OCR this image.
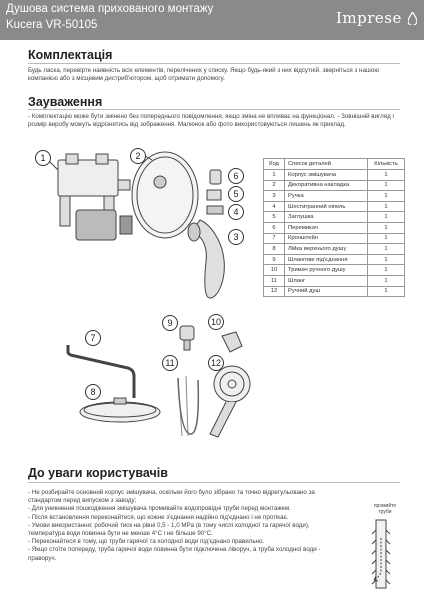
Душова система прихованого монтажу
Kucera VR-50105	Imprese
Комплектація

Будь ласка, перевірте наявність всіх елементів, перелічених у списку. Якщо будь-який з них відсутній, зверніться з нашою компанією або з місцевим дистриб'ютором, щоб отримати допомогу.

Зауваження

- Комплектацію може бути змінено без попереднього повідомлення, якщо зміна не впливає на функціонал. - Зовнішній вигляд і розмір виробу можуть відрізнятись від зображення. Малюнок або фото використовуються лишень як приклад.

1	2
3
4
5
6
7
8
9	10
11	12
Код	Список деталей	Кількість
1	Корпус змішувача	1
2	Декоративна накладка	1
3	Ручка	1
4	Шестигранний ніпель	1
5	Заглушка	1
6	Перемикач	1
7	Кронштейн	1
8	Лійка верхнього душу	1
9	Шланговe під'єднання	1
10	Тримач ручного душу	1
11	Шланг	1
12	Ручний душ	1
До уваги користувачів
- Не розбирайте основний корпус змішувача, оскільки його було зібрано та точно відрегульовано за стандартом перед випуском з заводу;
- Для уникнення пошкодження змішувача промивайте водопровідні труби перед монтажем.
- Після встановлення переконайтеся, що кожне з'єднання надійно під'єднано і не протікає.
- Умови використання: робочий тиск на рівні 0,5 - 1,0 MPa (в тому числі холодної та гарячої води), температура води повинна бути не менше 4°C і не більше 90°C.
- Переконайтеся в тому, що труби гарячої та холодної води під'єднано правильно.
- Якщо стоїте попереду, труба гарячої води повинна бути підключена ліворуч, а труба холодної води - праворуч.
промийте труби
